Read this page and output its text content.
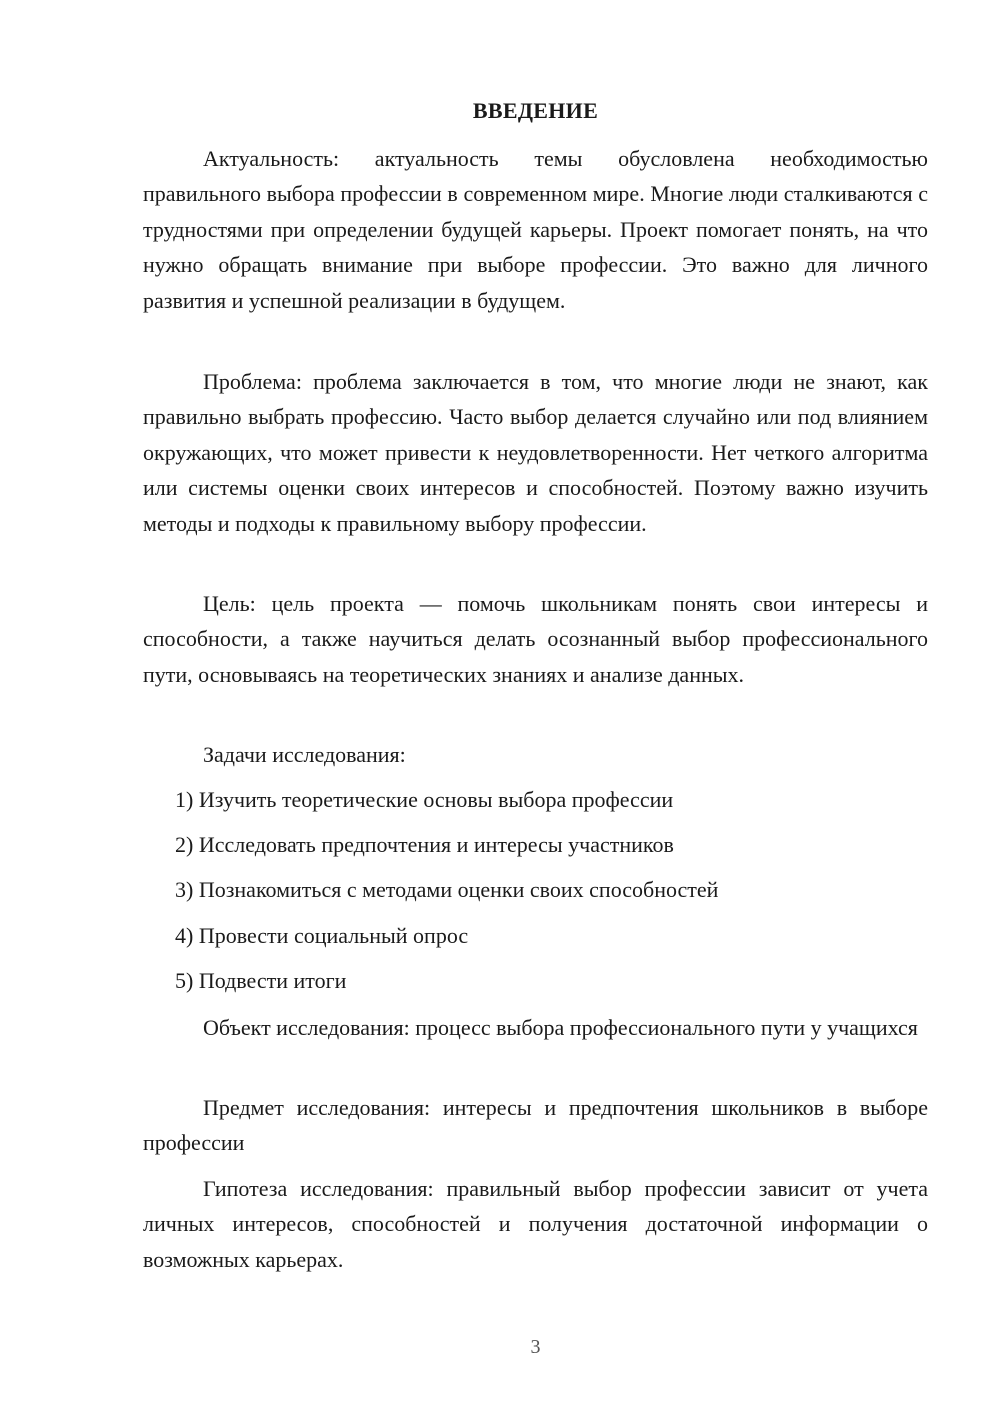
ВВЕДЕНИЕ

Актуальность: актуальность темы обусловлена необходимостью правильного выбора профессии в современном мире. Многие люди сталкиваются с трудностями при определении будущей карьеры. Проект помогает понять, на что нужно обращать внимание при выборе профессии. Это важно для личного развития и успешной реализации в будущем.

Проблема: проблема заключается в том, что многие люди не знают, как правильно выбрать профессию. Часто выбор делается случайно или под влиянием окружающих, что может привести к неудовлетворенности. Нет четкого алгоритма или системы оценки своих интересов и способностей. Поэтому важно изучить методы и подходы к правильному выбору профессии.

Цель: цель проекта — помочь школьникам понять свои интересы и способности, а также научиться делать осознанный выбор профессионального пути, основываясь на теоретических знаниях и анализе данных.

Задачи исследования:

1) Изучить теоретические основы выбора профессии
2) Исследовать предпочтения и интересы участников
3) Познакомиться с методами оценки своих способностей
4) Провести социальный опрос
5) Подвести итоги

Объект исследования: процесс выбора профессионального пути у учащихся

Предмет исследования: интересы и предпочтения школьников в выборе профессии

Гипотеза исследования: правильный выбор профессии зависит от учета личных интересов, способностей и получения достаточной информации о возможных карьерах.

3
